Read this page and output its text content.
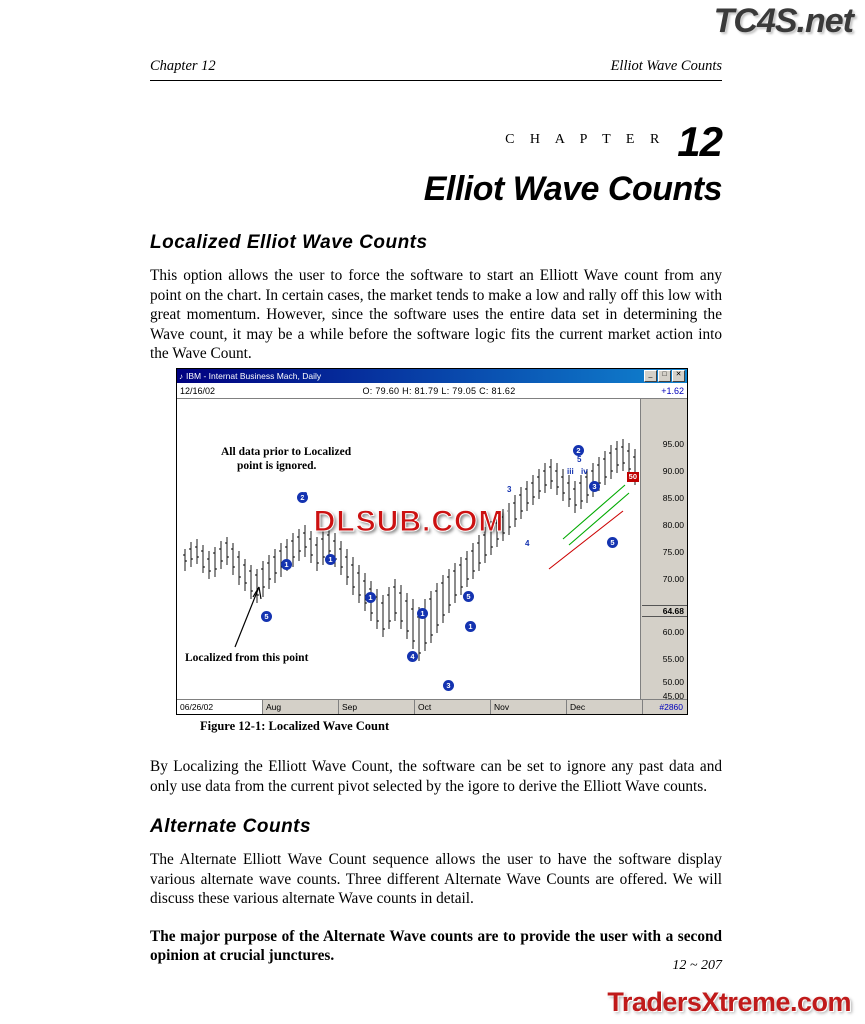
TC4S.net
TradersXtreme.com
Chapter 12	Elliot Wave Counts
C H A P T E R 12
Elliot Wave Counts
Localized Elliot Wave Counts

This option allows the user to force the software to start an Elliott Wave count from any point on the chart. In certain cases, the market tends to make a low and rally off this low with great momentum. However, since the software uses the entire data set in determining the Wave count, it may be a while before the software logic fits the current market action into the Wave Count.

♪ IBM - Internat Business Mach, Daily	_	□	✕
12/16/02	O: 79.60 H: 81.79 L: 79.05 C: 81.62	+1.62
All data prior to Localized
point is ignored.
Localized from this point
1
5
2
1
1
1
4
3
5
1
2
3
5
3
4
5
iii iv
2
DLSUB.COM
95.00
90.00
85.00
80.00
75.00
70.00
64.68
60.00
55.00
50.00
45.00
50
06/26/02	Aug	Sep	Oct	Nov	Dec	#2860
Figure 12-1: Localized Wave Count

By Localizing the Elliott Wave Count, the software can be set to ignore any past data and only use data from the current pivot selected by the igore to derive the Elliott Wave counts.

Alternate Counts

The Alternate Elliott Wave Count sequence allows the user to have the software display various alternate wave counts. Three different Alternate Wave Counts are offered. We will discuss these various alternate Wave counts in detail.

The major purpose of the Alternate Wave counts are to provide the user with a second opinion at crucial junctures.

12 ~ 207
